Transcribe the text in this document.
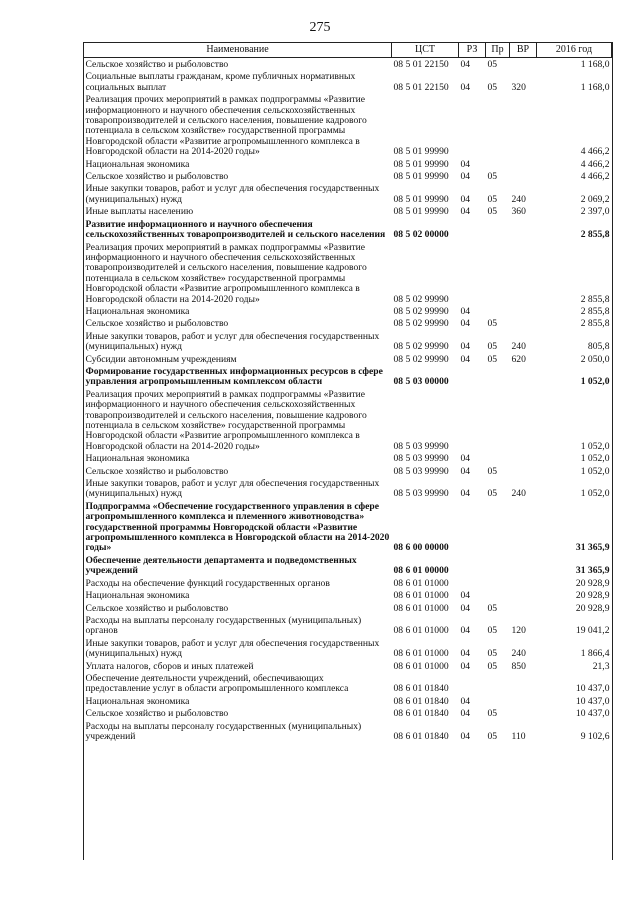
275
Наименование	ЦСТ	РЗ	Пр	ВР	2016 год
Сельское хозяйство и рыболовство	08 5 01 22150	04	05		1 168,0
Социальные выплаты гражданам, кроме публичных нормативных социальных выплат	08 5 01 22150	04	05	320	1 168,0
Реализация прочих мероприятий в рамках подпрограммы «Развитие информационного и научного обеспечения сельскохозяйственных товаропроизводителей и сельского населения, повышение кадрового потенциала в сельском хозяйстве» государственной программы Новгородской области «Развитие агропромышленного комплекса в Новгородской области на 2014-2020 годы»	08 5 01 99990				4 466,2
Национальная экономика	08 5 01 99990	04			4 466,2
Сельское хозяйство и рыболовство	08 5 01 99990	04	05		4 466,2
Иные закупки товаров, работ и услуг для обеспечения государственных (муниципальных) нужд	08 5 01 99990	04	05	240	2 069,2
Иные выплаты населению	08 5 01 99990	04	05	360	2 397,0
Развитие информационного и научного обеспечения сельскохозяйственных товаропроизводителей и сельского населения	08 5 02 00000				2 855,8
Реализация прочих мероприятий в рамках подпрограммы «Развитие информационного и научного обеспечения сельскохозяйственных товаропроизводителей и сельского населения, повышение кадрового потенциала в сельском хозяйстве» государственной программы Новгородской области «Развитие агропромышленного комплекса в Новгородской области на 2014-2020 годы»	08 5 02 99990				2 855,8
Национальная экономика	08 5 02 99990	04			2 855,8
Сельское хозяйство и рыболовство	08 5 02 99990	04	05		2 855,8
Иные закупки товаров, работ и услуг для обеспечения государственных (муниципальных) нужд	08 5 02 99990	04	05	240	805,8
Субсидии автономным учреждениям	08 5 02 99990	04	05	620	2 050,0
Формирование государственных информационных ресурсов в сфере управления агропромышленным комплексом области	08 5 03 00000				1 052,0
Реализация прочих мероприятий в рамках подпрограммы «Развитие информационного и научного обеспечения сельскохозяйственных товаропроизводителей и сельского населения, повышение кадрового потенциала в сельском хозяйстве» государственной программы Новгородской области «Развитие агропромышленного комплекса в Новгородской области на 2014-2020 годы»	08 5 03 99990				1 052,0
Национальная экономика	08 5 03 99990	04			1 052,0
Сельское хозяйство и рыболовство	08 5 03 99990	04	05		1 052,0
Иные закупки товаров, работ и услуг для обеспечения государственных (муниципальных) нужд	08 5 03 99990	04	05	240	1 052,0
Подпрограмма «Обеспечение государственного управления в сфере агропромышленного комплекса и племенного животноводства» государственной программы Новгородской области «Развитие агропромышленного комплекса в Новгородской области на 2014-2020 годы»	08 6 00 00000				31 365,9
Обеспечение деятельности департамента и подведомственных учреждений	08 6 01 00000				31 365,9
Расходы на обеспечение функций государственных органов	08 6 01 01000				20 928,9
Национальная экономика	08 6 01 01000	04			20 928,9
Сельское хозяйство и рыболовство	08 6 01 01000	04	05		20 928,9
Расходы на выплаты персоналу государственных (муниципальных) органов	08 6 01 01000	04	05	120	19 041,2
Иные закупки товаров, работ и услуг для обеспечения государственных (муниципальных) нужд	08 6 01 01000	04	05	240	1 866,4
Уплата налогов, сборов и иных платежей	08 6 01 01000	04	05	850	21,3
Обеспечение деятельности учреждений, обеспечивающих предоставление услуг в области агропромышленного комплекса	08 6 01 01840				10 437,0
Национальная экономика	08 6 01 01840	04			10 437,0
Сельское хозяйство и рыболовство	08 6 01 01840	04	05		10 437,0
Расходы на выплаты персоналу государственных (муниципальных) учреждений	08 6 01 01840	04	05	110	9 102,6
